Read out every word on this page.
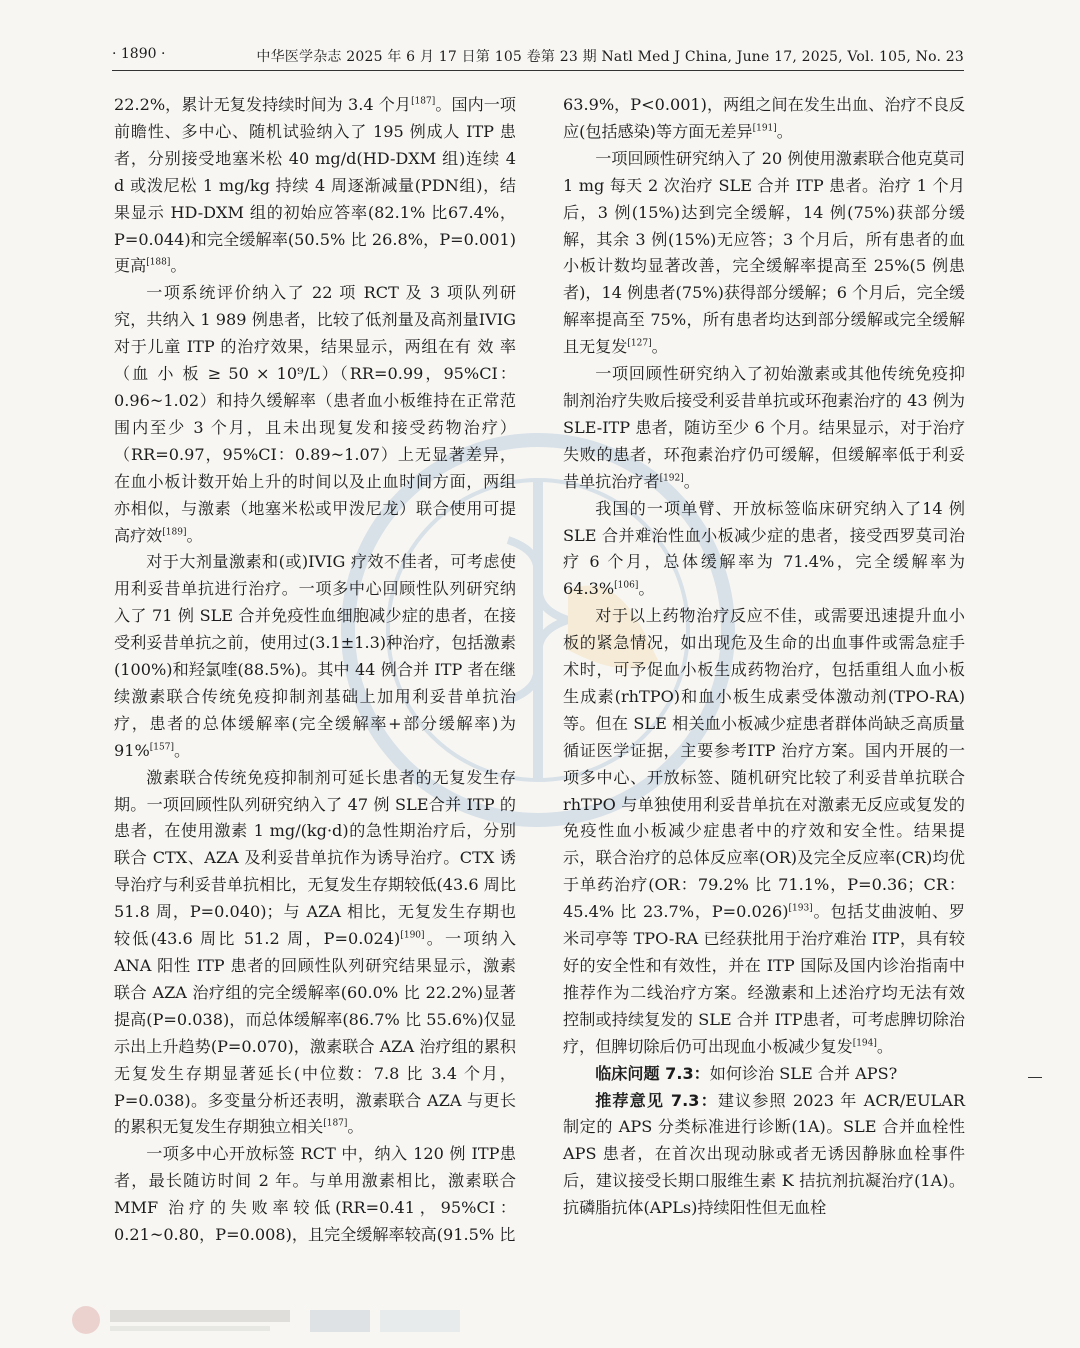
· 1890 ·	中华医学杂志 2025 年 6 月 17 日第 105 卷第 23 期 Natl Med J China, June 17, 2025, Vol. 105, No. 23

22.2%，累计无复发持续时间为 3.4 个月[187]。国内一项前瞻性、多中心、随机试验纳入了 195 例成人 ITP 患者，分别接受地塞米松 40 mg/d(HD-DXM 组)连续 4 d 或泼尼松 1 mg/kg 持续 4 周逐渐减量(PDN组)，结果显示 HD-DXM 组的初始应答率(82.1% 比67.4%，P=0.044)和完全缓解率(50.5% 比 26.8%，P=0.001)更高[188]。

一项系统评价纳入了 22 项 RCT 及 3 项队列研究，共纳入 1 989 例患者，比较了低剂量及高剂量IVIG 对于儿童 ITP 的治疗效果，结果显示，两组在有 效 率（血 小 板 ≥ 50 × 10⁹/L）（RR=0.99，95%CI：0.96~1.02）和持久缓解率（患者血小板维持在正常范围内至少 3 个月，且未出现复发和接受药物治疗）（RR=0.97，95%CI：0.89~1.07）上无显著差异，在血小板计数开始上升的时间以及止血时间方面，两组亦相似，与激素（地塞米松或甲泼尼龙）联合使用可提高疗效[189]。

对于大剂量激素和(或)IVIG 疗效不佳者，可考虑使用利妥昔单抗进行治疗。一项多中心回顾性队列研究纳入了 71 例 SLE 合并免疫性血细胞减少症的患者，在接受利妥昔单抗之前，使用过(3.1±1.3)种治疗，包括激素(100%)和羟氯喹(88.5%)。其中 44 例合并 ITP 者在继续激素联合传统免疫抑制剂基础上加用利妥昔单抗治疗，患者的总体缓解率(完全缓解率+部分缓解率)为 91%[157]。

激素联合传统免疫抑制剂可延长患者的无复发生存期。一项回顾性队列研究纳入了 47 例 SLE合并 ITP 的患者，在使用激素 1 mg/(kg·d)的急性期治疗后，分别联合 CTX、AZA 及利妥昔单抗作为诱导治疗。CTX 诱导治疗与利妥昔单抗相比，无复发生存期较低(43.6 周比 51.8 周，P=0.040)；与 AZA 相比，无复发生存期也较低(43.6 周比 51.2 周，P=0.024)[190]。一项纳入 ANA 阳性 ITP 患者的回顾性队列研究结果显示，激素联合 AZA 治疗组的完全缓解率(60.0% 比 22.2%)显著提高(P=0.038)，而总体缓解率(86.7% 比 55.6%)仅显示出上升趋势(P=0.070)，激素联合 AZA 治疗组的累积无复发生存期显著延长(中位数：7.8 比 3.4 个月，P=0.038)。多变量分析还表明，激素联合 AZA 与更长的累积无复发生存期独立相关[187]。

一项多中心开放标签 RCT 中，纳入 120 例 ITP患者，最长随访时间 2 年。与单用激素相比，激素联合 MMF 治疗的失败率较低(RR=0.41，95%CI：0.21~0.80，P=0.008)，且完全缓解率较高(91.5% 比

63.9%，P<0.001)，两组之间在发生出血、治疗不良反应(包括感染)等方面无差异[191]。

一项回顾性研究纳入了 20 例使用激素联合他克莫司 1 mg 每天 2 次治疗 SLE 合并 ITP 患者。治疗 1 个月后，3 例(15%)达到完全缓解，14 例(75%)获部分缓解，其余 3 例(15%)无应答；3 个月后，所有患者的血小板计数均显著改善，完全缓解率提高至 25%(5 例患者)，14 例患者(75%)获得部分缓解；6 个月后，完全缓解率提高至 75%，所有患者均达到部分缓解或完全缓解且无复发[127]。

一项回顾性研究纳入了初始激素或其他传统免疫抑制剂治疗失败后接受利妥昔单抗或环孢素治疗的 43 例为 SLE-ITP 患者，随访至少 6 个月。结果显示，对于治疗失败的患者，环孢素治疗仍可缓解，但缓解率低于利妥昔单抗治疗者[192]。

我国的一项单臂、开放标签临床研究纳入了14 例 SLE 合并难治性血小板减少症的患者，接受西罗莫司治疗 6 个月，总体缓解率为 71.4%，完全缓解率为 64.3%[106]。

对于以上药物治疗反应不佳，或需要迅速提升血小板的紧急情况，如出现危及生命的出血事件或需急症手术时，可予促血小板生成药物治疗，包括重组人血小板生成素(rhTPO)和血小板生成素受体激动剂(TPO-RA)等。但在 SLE 相关血小板减少症患者群体尚缺乏高质量循证医学证据，主要参考ITP 治疗方案。国内开展的一项多中心、开放标签、随机研究比较了利妥昔单抗联合 rhTPO 与单独使用利妥昔单抗在对激素无反应或复发的免疫性血小板减少症患者中的疗效和安全性。结果提示，联合治疗的总体反应率(OR)及完全反应率(CR)均优于单药治疗(OR：79.2% 比 71.1%，P=0.36；CR：45.4% 比 23.7%，P=0.026)[193]。包括艾曲波帕、罗米司亭等 TPO-RA 已经获批用于治疗难治 ITP，具有较好的安全性和有效性，并在 ITP 国际及国内诊治指南中推荐作为二线治疗方案。经激素和上述治疗均无法有效控制或持续复发的 SLE 合并 ITP患者，可考虑脾切除治疗，但脾切除后仍可出现血小板减少复发[194]。

临床问题 7.3：如何诊治 SLE 合并 APS?

推荐意见 7.3：建议参照 2023 年 ACR/EULAR 制定的 APS 分类标准进行诊断(1A)。SLE 合并血栓性 APS 患者，在首次出现动脉或者无诱因静脉血栓事件后，建议接受长期口服维生素 K 拮抗剂抗凝治疗(1A)。抗磷脂抗体(APLs)持续阳性但无血栓
